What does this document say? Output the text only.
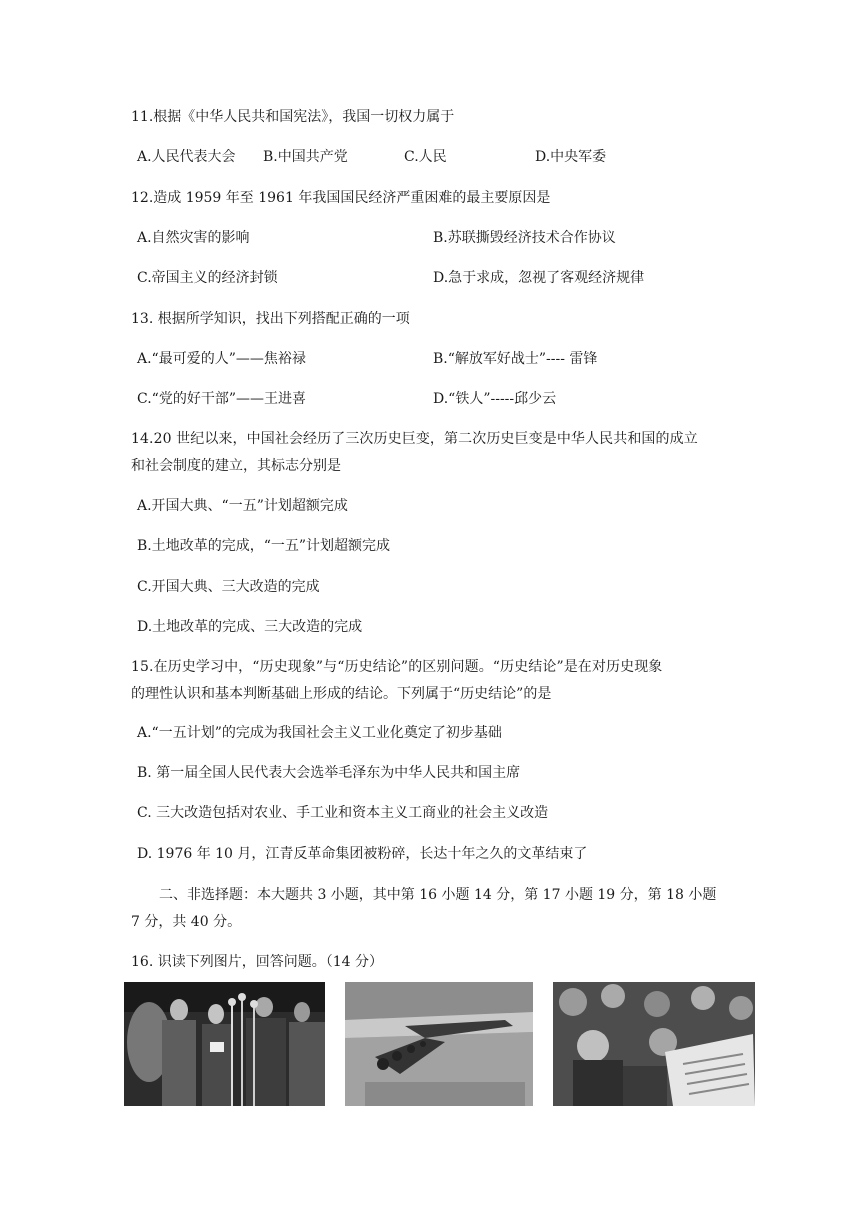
11.根据《中华人民共和国宪法》，我国一切权力属于
A.人民代表大会 B.中国共产党	C.人民	D.中央军委
12.造成 1959 年至 1961 年我国国民经济严重困难的最主要原因是
A.自然灾害的影响	B.苏联撕毁经济技术合作协议
C.帝国主义的经济封锁	D.急于求成，忽视了客观经济规律
13. 根据所学知识，找出下列搭配正确的一项
A.“最可爱的人”——焦裕禄	B.“解放军好战士”---- 雷锋
C.“党的好干部”——王进喜	D.“铁人”-----邱少云
14.20 世纪以来，中国社会经历了三次历史巨变，第二次历史巨变是中华人民共和国的成立
和社会制度的建立，其标志分别是
A.开国大典、“一五”计划超额完成
B.土地改革的完成，“一五”计划超额完成
C.开国大典、三大改造的完成
D.土地改革的完成、三大改造的完成
15.在历史学习中，“历史现象”与“历史结论”的区别问题。“历史结论”是在对历史现象
的理性认识和基本判断基础上形成的结论。下列属于“历史结论”的是
A.“一五计划”的完成为我国社会主义工业化奠定了初步基础
B. 第一届全国人民代表大会选举毛泽东为中华人民共和国主席
C. 三大改造包括对农业、手工业和资本主义工商业的社会主义改造
D. 1976 年 10 月，江青反革命集团被粉碎，长达十年之久的文革结束了
二、非选择题：本大题共 3 小题，其中第 16 小题 14 分，第 17 小题 19 分，第 18 小题
7 分，共 40 分。
16. 识读下列图片，回答问题。（14 分）
